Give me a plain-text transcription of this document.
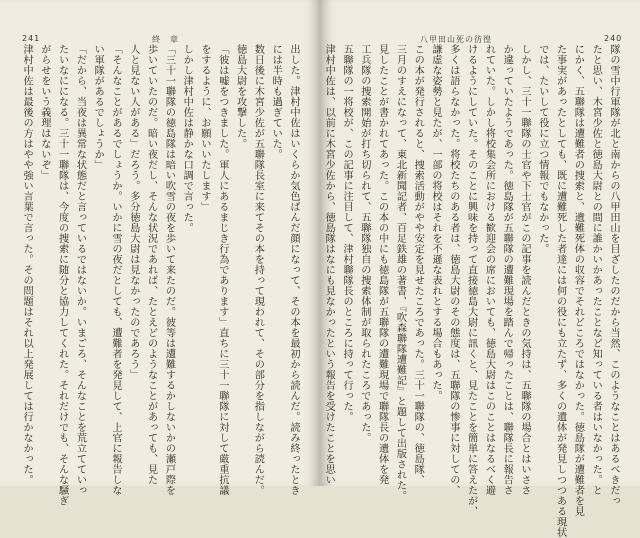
241	終　章

出した。津村中佐はいくらか気色ばんだ顔になって、その本を最初から読んだ。読み終ったとき

には半時も過ぎていた。

数日後に木宮少佐が五聯隊長室に来てその本を持って現われて、その部分を指しながら読んだ。

徳島大尉を攻撃した。

「彼は嘘をつきました。軍人にあるまじき行為であります」直ちに三十一聯隊に対して厳重抗議

をするように、お願いいたします」

しかし津村中佐は静かな口調で言った。

「三十一聯隊の徳島隊は暗い吹雪の夜を歩いて来たのだ。彼等は遭難するかしないかの瀬戸際を

歩いていたのだ。暗い夜だし、そんな状況であれば、たとえどのようなことがあっても、見た

人と見ない人がある」だろう。多分徳島大尉は見なかったのであろう」

「そんなことがあるでしょうか。いかに雪の夜だとしても、遭難者を発見して、上官に報告しな

い軍隊があるでしょうか」

「だから、当夜は異常な状態だと言っているではないか。いまごろ、そんなことを荒立てていっ

たいなにになる。三十一聯隊は、今度の捜索に随分と協力してくれた。それだけでも、そんな騒ぎ

がらせをいう義理はないぞ」

津村中佐は最後の方はやや強い言葉で言った。その問題はそれ以上発展しては行かなかった。

八甲田山死の彷徨	240

隊の雪中行軍隊が北と南からの八甲田山を目ざしたのだから当然、このようなことはあるべきだっ

たと思い、木宮少佐と徳島大尉との間に誰かいかあったことなど知っている者はいなかった。と

にかく、五聯隊は遭難者の捜索と、遺難死体の収容でそれどころではなかった。徳島隊が遭難者を見

た事実があったとしても、既に遭難死した者達には何の役にも立たず、多くの遺体が発見しつつある現状

では、たいして役に立つ情報でもなかった。

しかし、三十一聯隊の士官や下士官がこの記事を読んだときの気持は、五聯隊の場合とはいささ

か違っていたようであった。徳島隊が五聯隊の遭難現場を踏んで帰ったことは、聯隊長に報告さ

れていた。しかし将校集会所における歓迎会の席においても、徳島大尉はこのことはなるべく避

けるようにしていた。そのことに興味を持って直接徳島大尉に訊くと、見たことを簡単に答えたが、

多くは語らなかった。将校たちのある者は、徳島大尉のその態度は、五聯隊の惨事に対しての、

謙虚な姿勢と見たが、一部の将校はそれを不遜な表れとする場合もあった。

この本が発行されると、捜索活動がやや安定を見せたころであった。三十一聯隊の、徳島隊、

三月のすえになって、東北新聞記者、百足鉄雄の著書、『吹森聯隊遭難記』と題して出版された。

見したことが書かれてあった。この本の中にも徳島隊が五聯隊の遭難現場で聯隊長の遺体を発

工兵隊の捜索開始が打ち切られて、五聯隊独自の捜索体制が取られたころであった。

五聯隊の一将校が、この記事に注目して、津村聯隊長のところに持って行った。

津村中佐は、以前に木宮少佐から、徳島隊はなにも見なかったという報告を受けたことを思い
